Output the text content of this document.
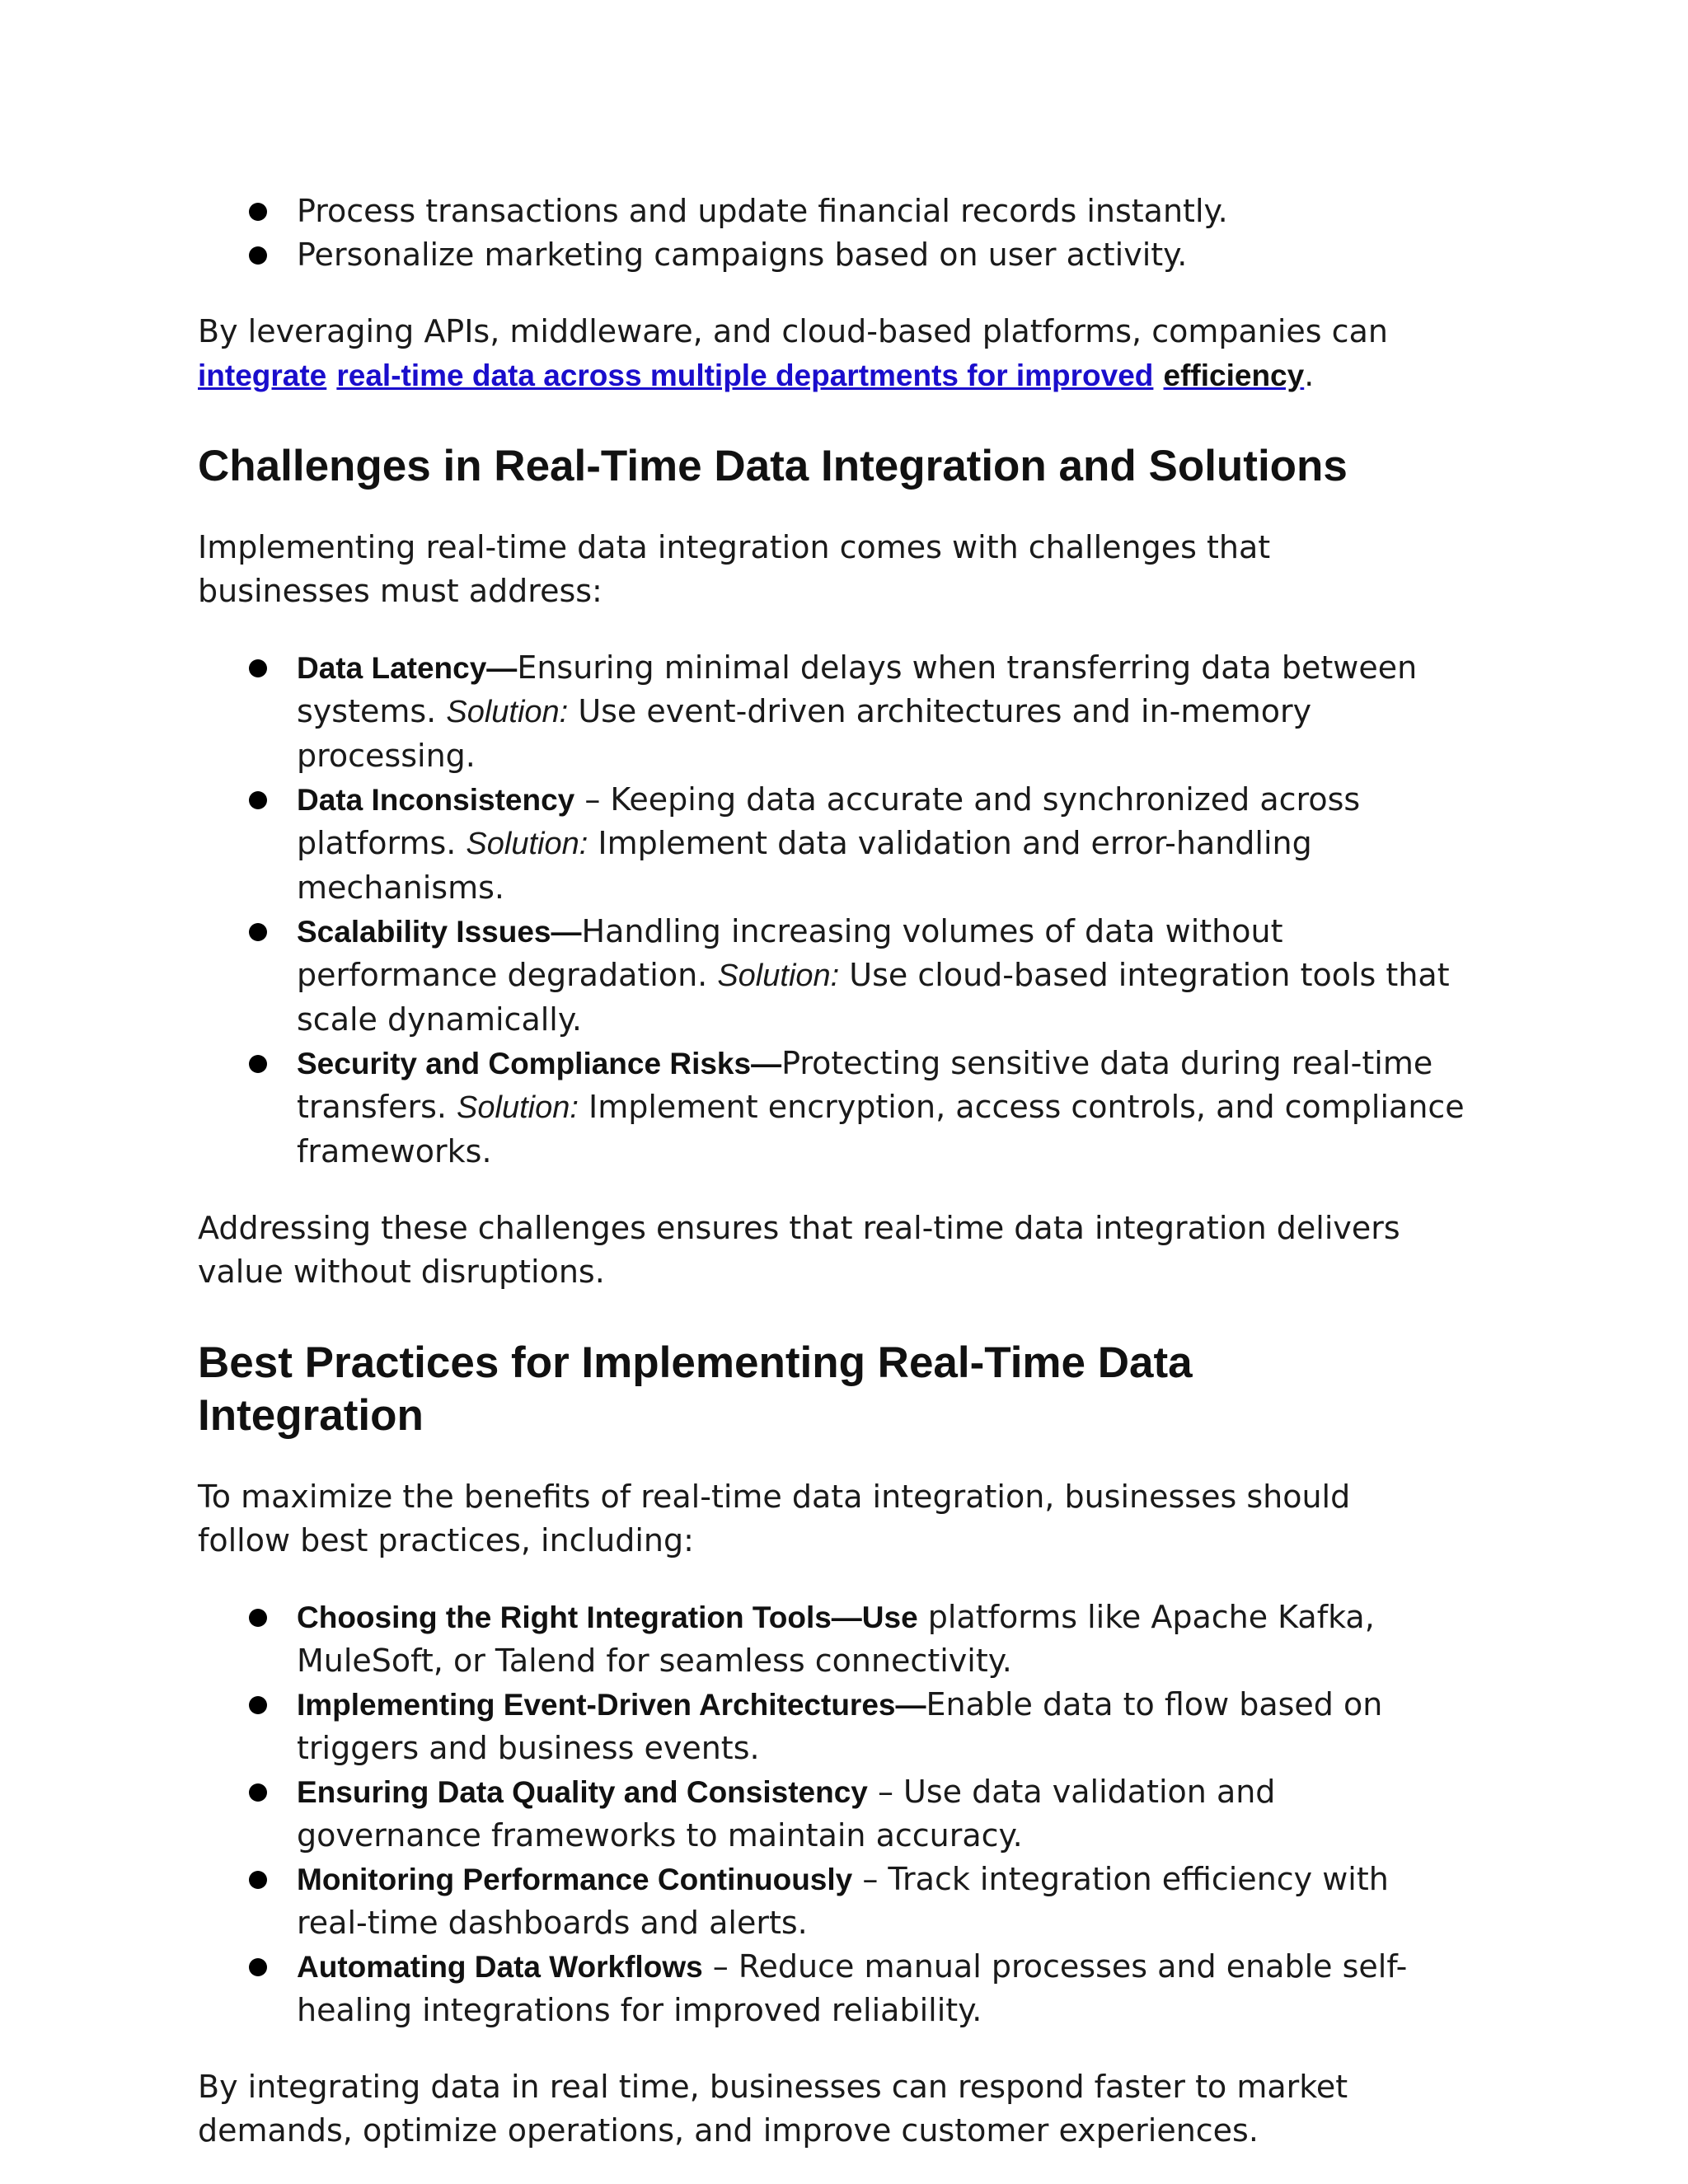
Process transactions and update financial records instantly.
Personalize marketing campaigns based on user activity.

By leveraging APIs, middleware, and cloud-based platforms, companies can integrate real-time data across multiple departments for improved efficiency.

Challenges in Real-Time Data Integration and Solutions

Implementing real-time data integration comes with challenges that businesses must address:

Data Latency—Ensuring minimal delays when transferring data between systems. Solution: Use event-driven architectures and in-memory processing.
Data Inconsistency – Keeping data accurate and synchronized across platforms. Solution: Implement data validation and error-handling mechanisms.
Scalability Issues—Handling increasing volumes of data without performance degradation. Solution: Use cloud-based integration tools that scale dynamically.
Security and Compliance Risks—Protecting sensitive data during real-time transfers. Solution: Implement encryption, access controls, and compliance frameworks.

Addressing these challenges ensures that real-time data integration delivers value without disruptions.

Best Practices for Implementing Real-Time Data Integration

To maximize the benefits of real-time data integration, businesses should follow best practices, including:

Choosing the Right Integration Tools—Use platforms like Apache Kafka, MuleSoft, or Talend for seamless connectivity.
Implementing Event-Driven Architectures—Enable data to flow based on triggers and business events.
Ensuring Data Quality and Consistency – Use data validation and governance frameworks to maintain accuracy.
Monitoring Performance Continuously – Track integration efficiency with real-time dashboards and alerts.
Automating Data Workflows – Reduce manual processes and enable self-healing integrations for improved reliability.

By integrating data in real time, businesses can respond faster to market demands, optimize operations, and improve customer experiences.
